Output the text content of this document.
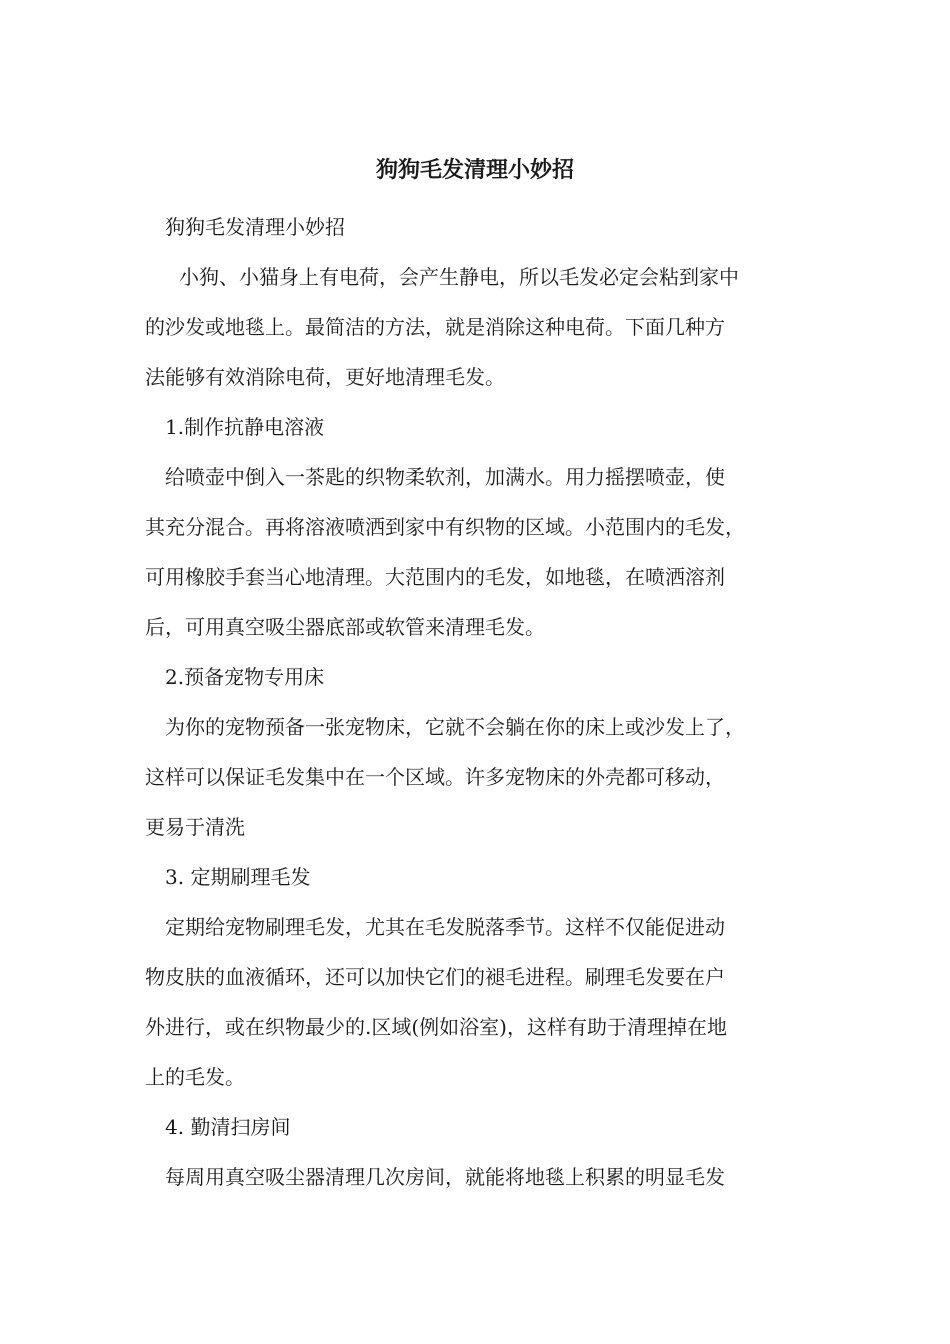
狗狗毛发清理小妙招

狗狗毛发清理小妙招

小狗、小猫身上有电荷，会产生静电，所以毛发必定会粘到家中
的沙发或地毯上。最简洁的方法，就是消除这种电荷。下面几种方
法能够有效消除电荷，更好地清理毛发。

1.制作抗静电溶液

给喷壶中倒入一茶匙的织物柔软剂，加满水。用力摇摆喷壶，使
其充分混合。再将溶液喷洒到家中有织物的区域。小范围内的毛发，
可用橡胶手套当心地清理。大范围内的毛发，如地毯，在喷洒溶剂
后，可用真空吸尘器底部或软管来清理毛发。

2.预备宠物专用床

为你的宠物预备一张宠物床，它就不会躺在你的床上或沙发上了，
这样可以保证毛发集中在一个区域。许多宠物床的外壳都可移动，
更易于清洗

3. 定期刷理毛发

定期给宠物刷理毛发，尤其在毛发脱落季节。这样不仅能促进动
物皮肤的血液循环，还可以加快它们的褪毛进程。刷理毛发要在户
外进行，或在织物最少的.区域(例如浴室)，这样有助于清理掉在地
上的毛发。

4. 勤清扫房间

每周用真空吸尘器清理几次房间，就能将地毯上积累的明显毛发
